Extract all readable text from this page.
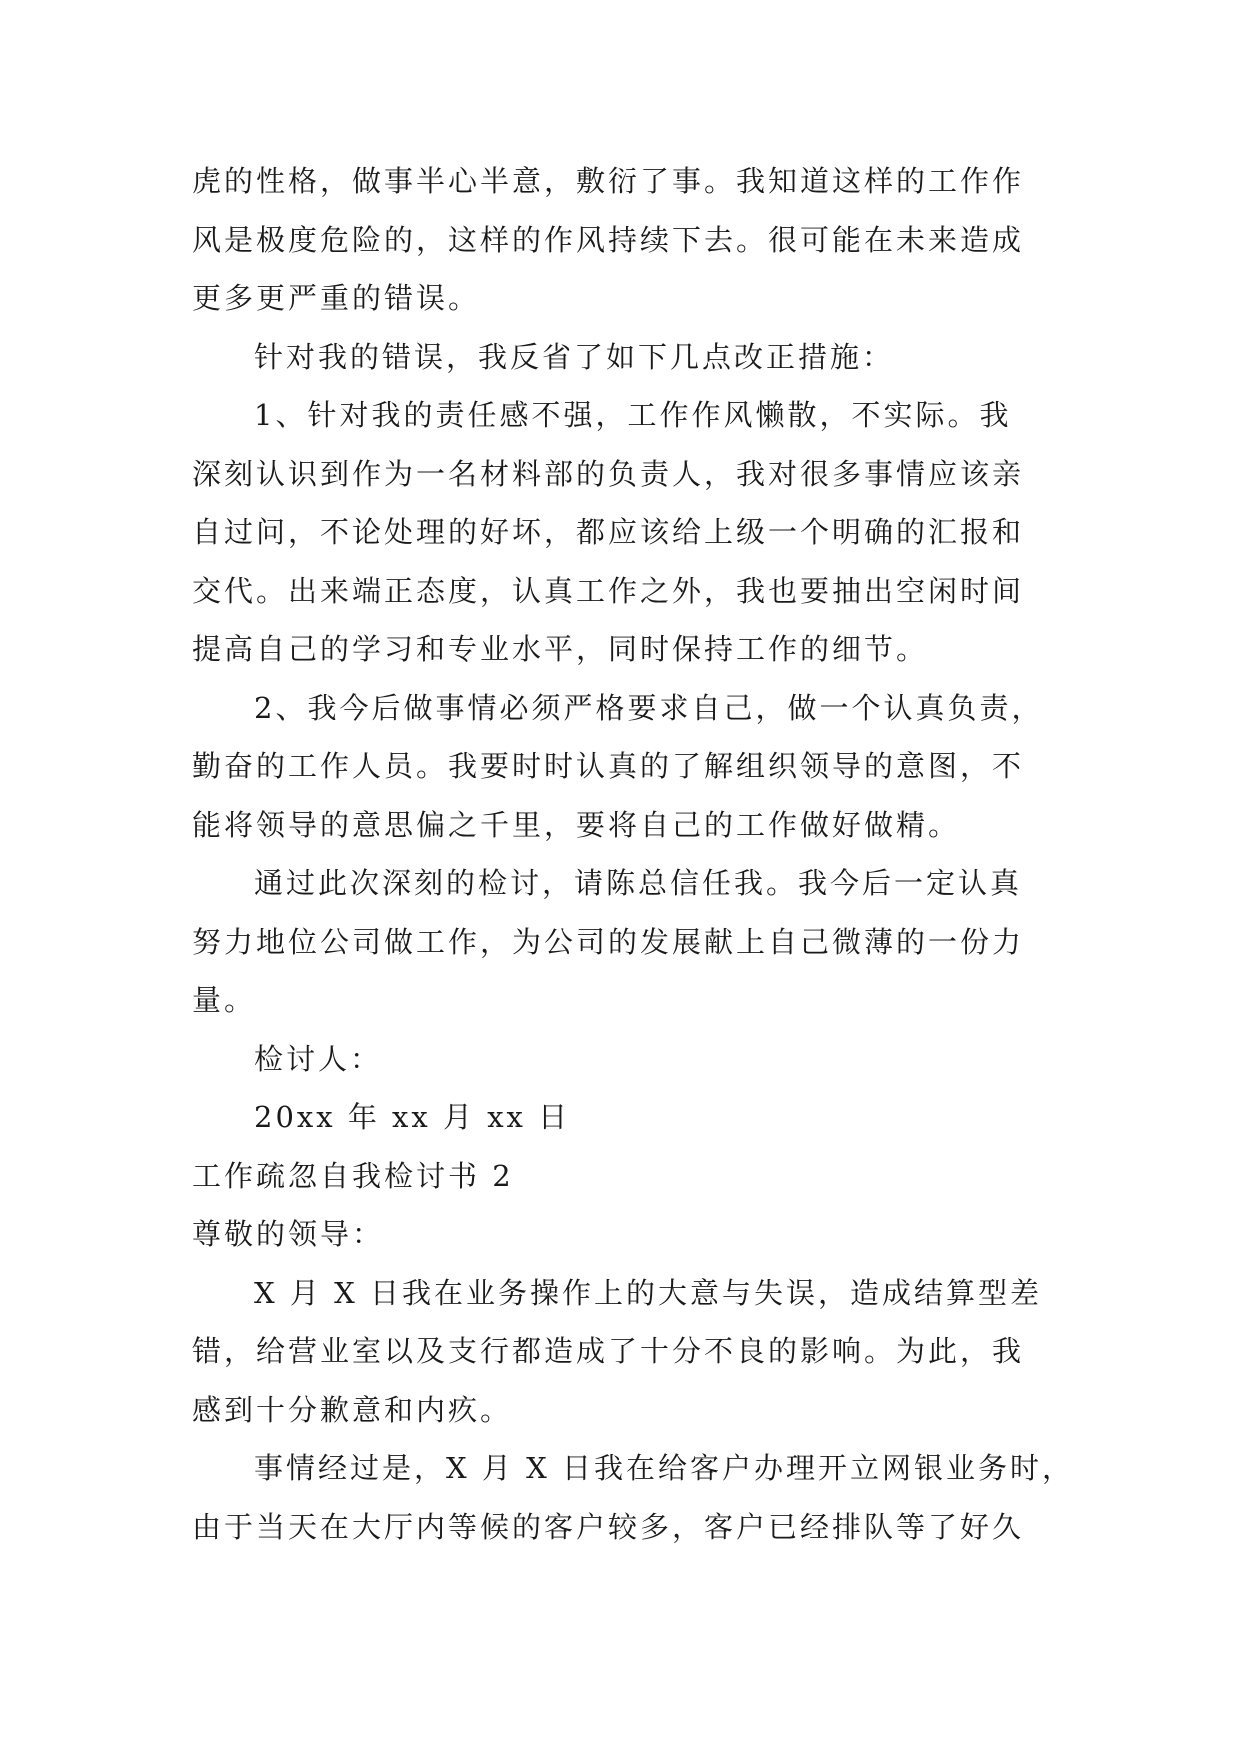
虎的性格，做事半心半意，敷衍了事。我知道这样的工作作
风是极度危险的，这样的作风持续下去。很可能在未来造成
更多更严重的错误。
针对我的错误，我反省了如下几点改正措施：
1、针对我的责任感不强，工作作风懒散，不实际。我
深刻认识到作为一名材料部的负责人，我对很多事情应该亲
自过问，不论处理的好坏，都应该给上级一个明确的汇报和
交代。出来端正态度，认真工作之外，我也要抽出空闲时间
提高自己的学习和专业水平，同时保持工作的细节。
2、我今后做事情必须严格要求自己，做一个认真负责，
勤奋的工作人员。我要时时认真的了解组织领导的意图，不
能将领导的意思偏之千里，要将自己的工作做好做精。
通过此次深刻的检讨，请陈总信任我。我今后一定认真
努力地位公司做工作，为公司的发展献上自己微薄的一份力
量。
检讨人：
20xx 年 xx 月 xx 日
工作疏忽自我检讨书 2
尊敬的领导：
X 月 X 日我在业务操作上的大意与失误，造成结算型差
错，给营业室以及支行都造成了十分不良的影响。为此，我
感到十分歉意和内疚。
事情经过是，X 月 X 日我在给客户办理开立网银业务时，
由于当天在大厅内等候的客户较多，客户已经排队等了好久
